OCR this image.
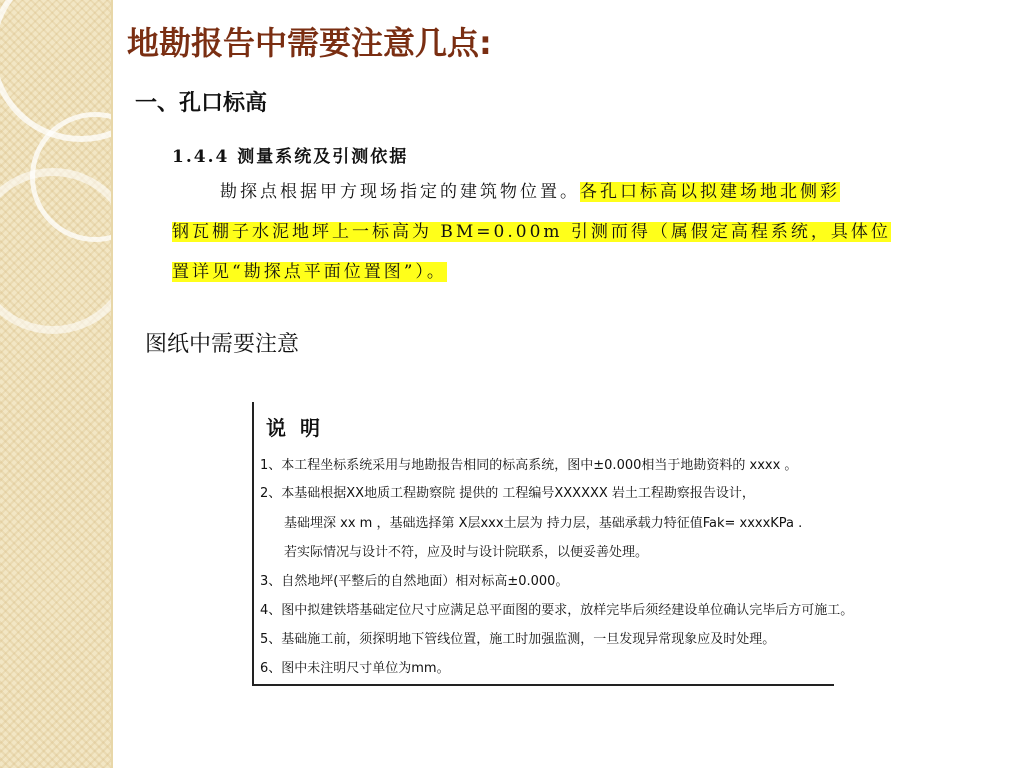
地勘报告中需要注意几点:
一、孔口标高
1.4.4 测量系统及引测依据
勘探点根据甲方现场指定的建筑物位置。各孔口标高以拟建场地北侧彩
钢瓦棚子水泥地坪上一标高为 BM=0.00m 引测而得（属假定高程系统，具体位
置详见“勘探点平面位置图”）。
图纸中需要注意
说明
1、本工程坐标系统采用与地勘报告相同的标高系统，图中±0.000相当于地勘资料的 xxxx 。
2、本基础根据XX地质工程勘察院 提供的 工程编号XXXXXX 岩土工程勘察报告设计，
基础埋深 xx m ，基础选择第 X层xxx土层为 持力层，基础承载力特征值Fak= xxxxKPa .
若实际情况与设计不符，应及时与设计院联系，以便妥善处理。
3、自然地坪(平整后的自然地面）相对标高±0.000。
4、图中拟建铁塔基础定位尺寸应满足总平面图的要求，放样完毕后须经建设单位确认完毕后方可施工。
5、基础施工前，须探明地下管线位置，施工时加强监测，一旦发现异常现象应及时处理。
6、图中未注明尺寸单位为mm。
